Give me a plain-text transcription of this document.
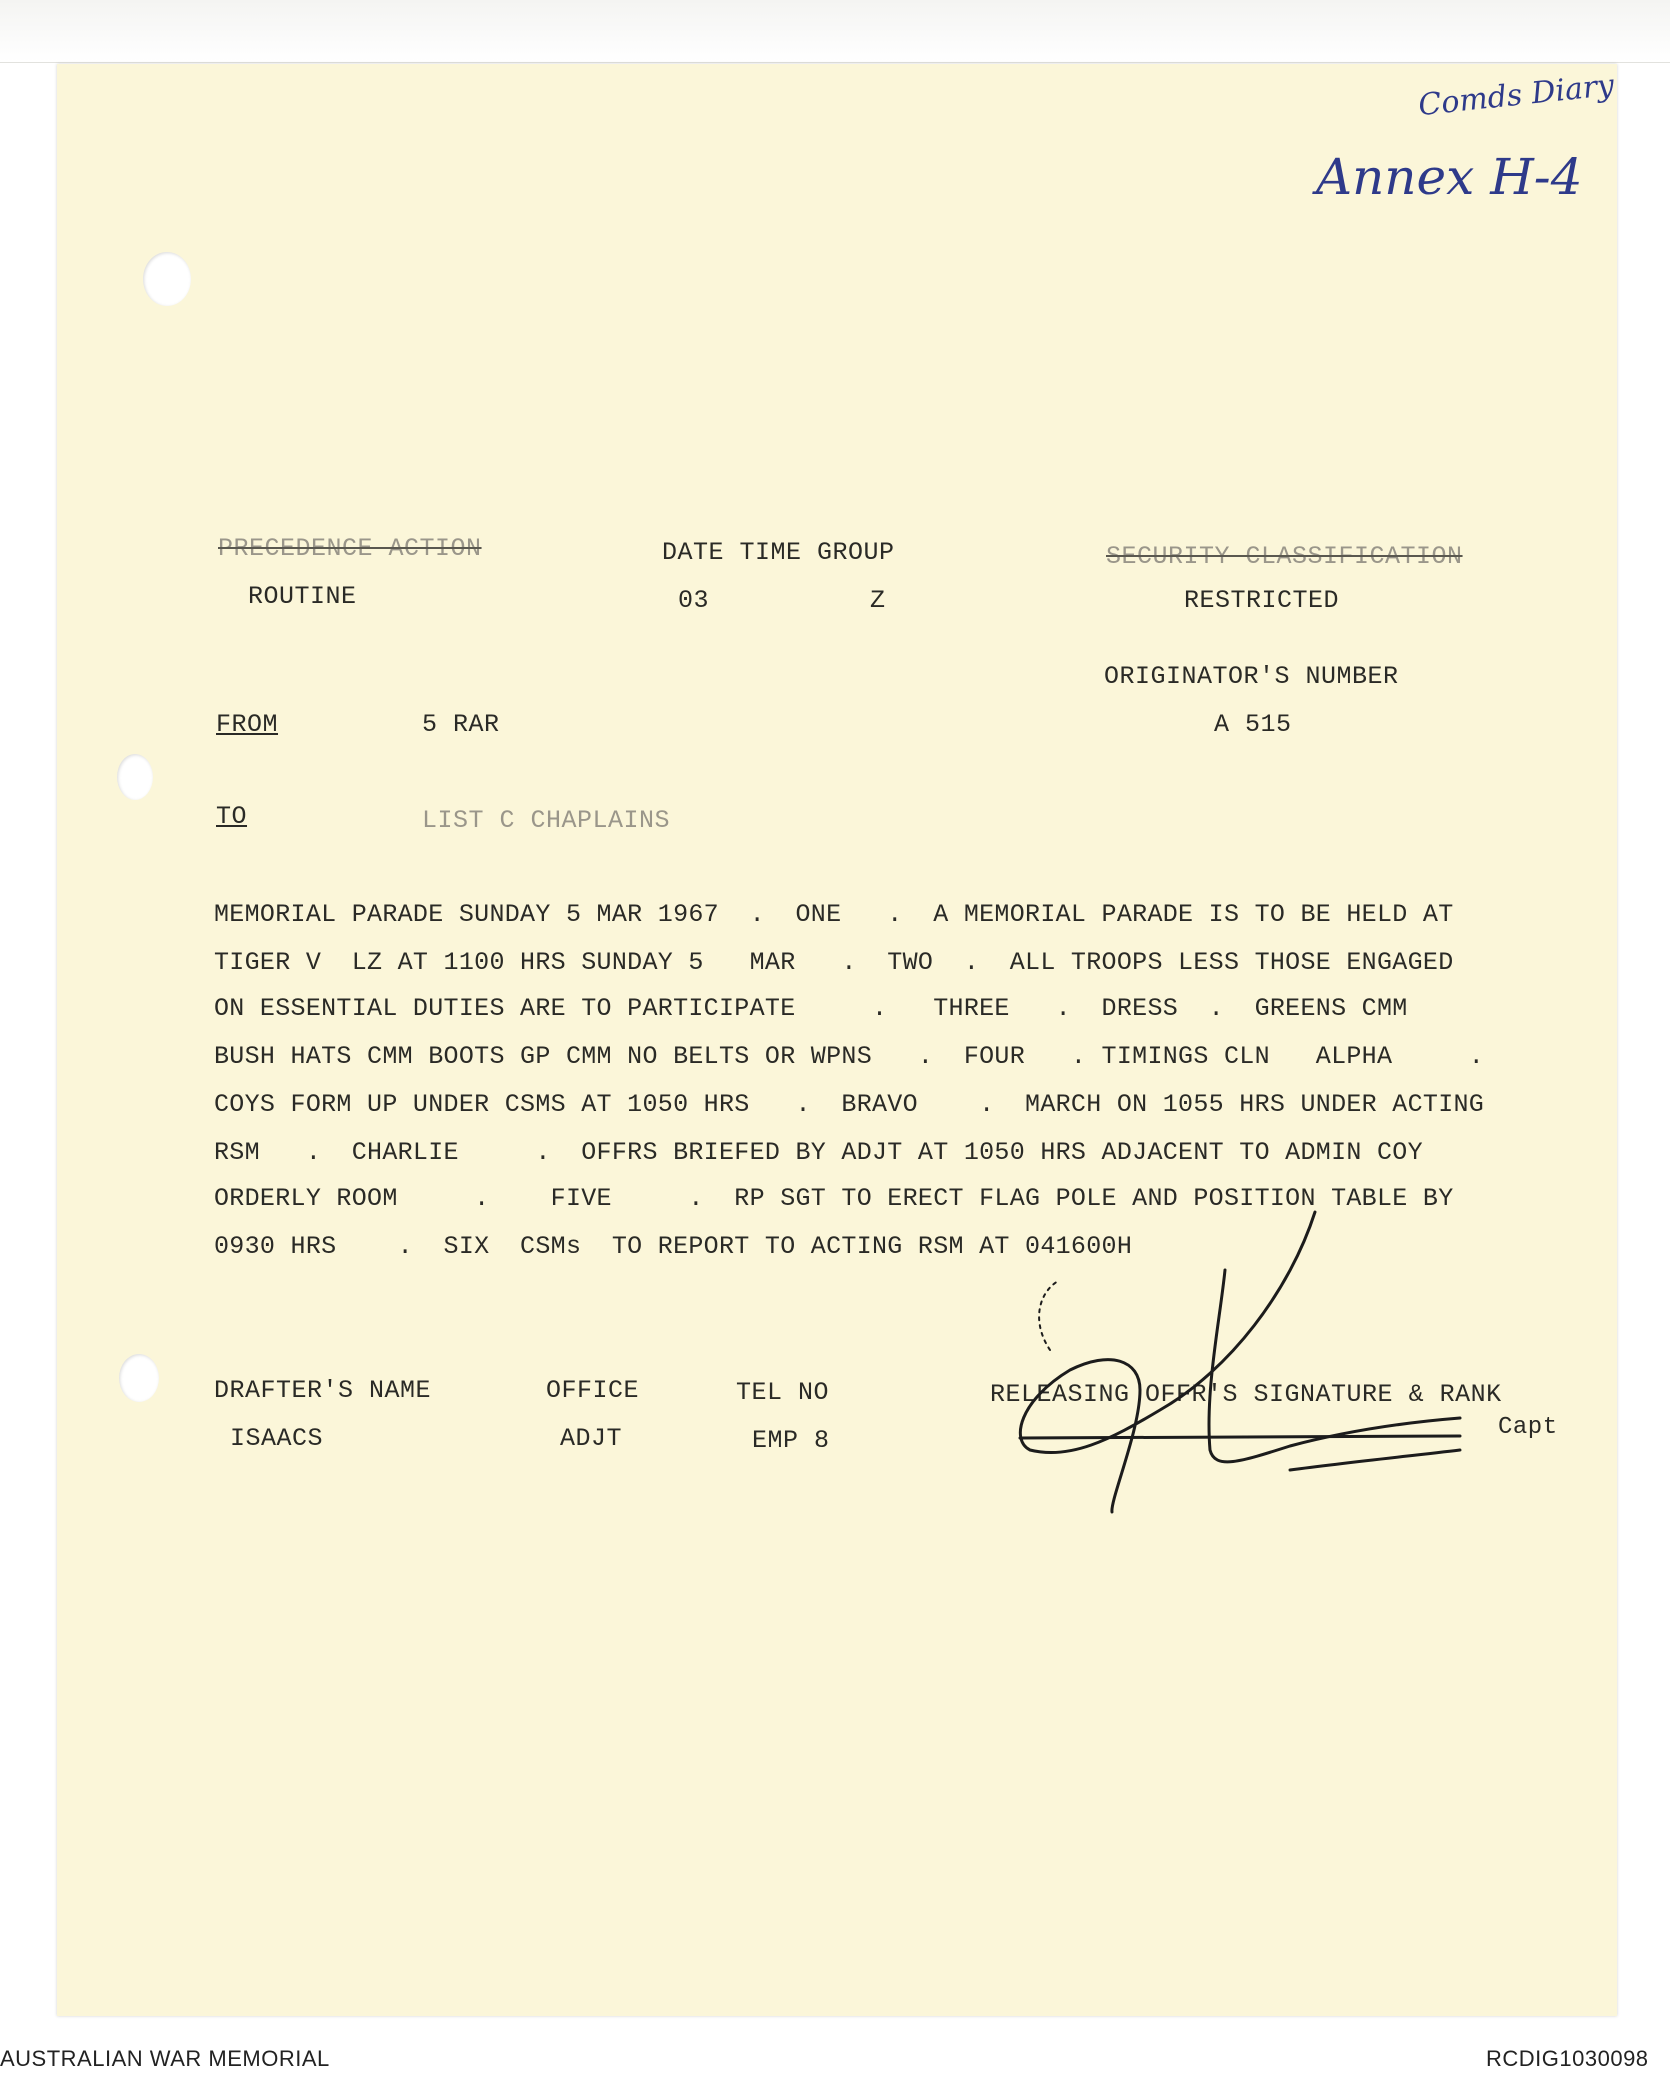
Comds Diary
Annex H-4
PRECEDENCE ACTION
ROUTINE
DATE TIME GROUP
03	Z
SECURITY CLASSIFICATION
RESTRICTED
ORIGINATOR'S NUMBER
A 515
FROM	5 RAR
TO	LIST C CHAPLAINS
MEMORIAL PARADE SUNDAY 5 MAR 1967  .  ONE   .  A MEMORIAL PARADE IS TO BE HELD AT
TIGER V  LZ AT 1100 HRS SUNDAY 5   MAR   .  TWO  .  ALL TROOPS LESS THOSE ENGAGED
ON ESSENTIAL DUTIES ARE TO PARTICIPATE     .   THREE   .  DRESS  .  GREENS CMM
BUSH HATS CMM BOOTS GP CMM NO BELTS OR WPNS   .  FOUR   . TIMINGS CLN   ALPHA     .
COYS FORM UP UNDER CSMS AT 1050 HRS   .  BRAVO    .  MARCH ON 1055 HRS UNDER ACTING
RSM   .  CHARLIE     .  OFFRS BRIEFED BY ADJT AT 1050 HRS ADJACENT TO ADMIN COY
ORDERLY ROOM     .    FIVE     .  RP SGT TO ERECT FLAG POLE AND POSITION TABLE BY
0930 HRS    .  SIX  CSMs  TO REPORT TO ACTING RSM AT 041600H
DRAFTER'S NAME
ISAACS
OFFICE
ADJT
TEL NO
EMP 8
RELEASING OFFR'S SIGNATURE & RANK
Capt
AUSTRALIAN WAR MEMORIAL	RCDIG1030098
